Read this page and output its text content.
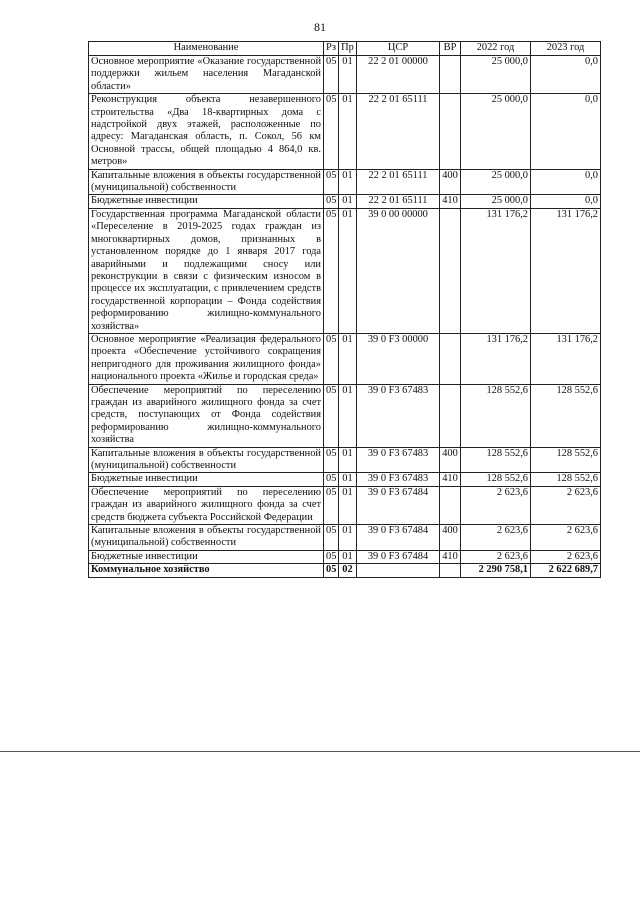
81
Наименование	Рз	Пр	ЦСР	ВР	2022 год	2023 год
Основное мероприятие «Оказание государственной поддержки жильем населения Магаданской области»	05	01	22 2 01 00000		25 000,0	0,0
Реконструкция объекта незавершенного строительства «Два 18-квартирных дома с надстройкой двух этажей, расположенные по адресу: Магаданская область, п. Сокол, 56 км Основной трассы, общей площадью 4 864,0 кв. метров»	05	01	22 2 01 65111		25 000,0	0,0
Капитальные вложения в объекты государственной (муниципальной) собственности	05	01	22 2 01 65111	400	25 000,0	0,0
Бюджетные инвестиции	05	01	22 2 01 65111	410	25 000,0	0,0
Государственная программа Магаданской области «Переселение в 2019-2025 годах граждан из многоквартирных домов, признанных в установленном порядке до 1 января 2017 года аварийными и подлежащими сносу или реконструкции в связи с физическим износом в процессе их эксплуатации, с привлечением средств государственной корпорации – Фонда содействия реформированию жилищно-коммунального хозяйства»	05	01	39 0 00 00000		131 176,2	131 176,2
Основное мероприятие «Реализация федерального проекта «Обеспечение устойчивого сокращения непригодного для проживания жилищного фонда» национального проекта «Жилье и городская среда»	05	01	39 0 F3 00000		131 176,2	131 176,2
Обеспечение мероприятий по переселению граждан из аварийного жилищного фонда за счет средств, поступающих от Фонда содействия реформированию жилищно-коммунального хозяйства	05	01	39 0 F3 67483		128 552,6	128 552,6
Капитальные вложения в объекты государственной (муниципальной) собственности	05	01	39 0 F3 67483	400	128 552,6	128 552,6
Бюджетные инвестиции	05	01	39 0 F3 67483	410	128 552,6	128 552,6
Обеспечение мероприятий по переселению граждан из аварийного жилищного фонда за счет средств бюджета субъекта Российской Федерации	05	01	39 0 F3 67484		2 623,6	2 623,6
Капитальные вложения в объекты государственной (муниципальной) собственности	05	01	39 0 F3 67484	400	2 623,6	2 623,6
Бюджетные инвестиции	05	01	39 0 F3 67484	410	2 623,6	2 623,6
Коммунальное хозяйство	05	02			2 290 758,1	2 622 689,7
